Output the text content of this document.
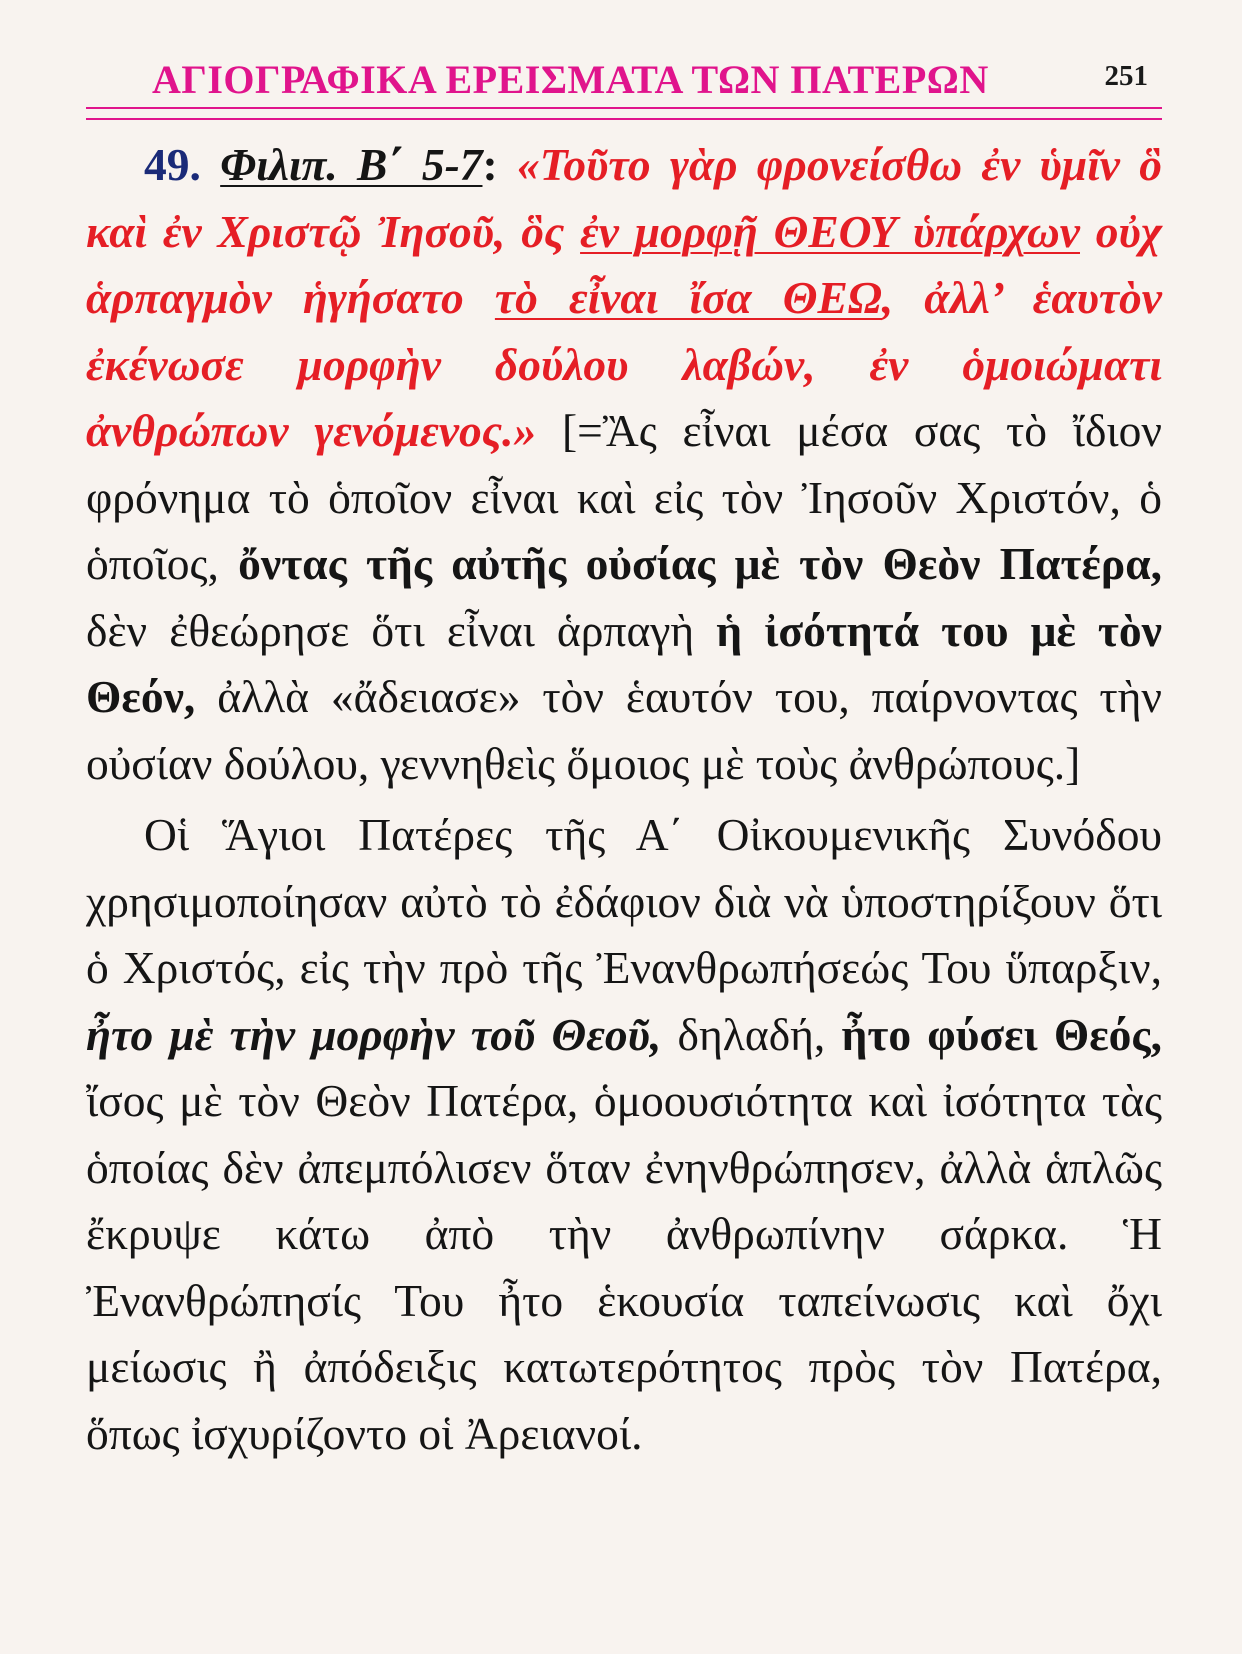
ΑΓΙΟΓΡΑΦΙΚΑ ΕΡΕΙΣΜΑΤΑ ΤΩΝ ΠΑΤΕΡΩΝ	251

49. Φιλιπ. Β΄ 5-7: «Τοῦτο γὰρ φρονείσθω ἐν ὑμῖν ὃ καὶ ἐν Χριστῷ Ἰησοῦ, ὃς ἐν μορφῇ ΘΕΟΥ ὑπάρχων οὐχ ἁρπαγμὸν ἡγήσατο τὸ εἶναι ἴσα ΘΕΩ, ἀλλ’ ἑαυτὸν ἐκένωσε μορφὴν δούλου λαβών, ἐν ὁμοιώματι ἀνθρώπων γενόμενος.» [=Ἂς εἶναι μέσα σας τὸ ἴδιον φρόνημα τὸ ὁποῖον εἶναι καὶ εἰς τὸν Ἰησοῦν Χριστόν, ὁ ὁποῖος, ὄντας τῆς αὐτῆς οὐσίας μὲ τὸν Θεὸν Πατέρα, δὲν ἐθεώρησε ὅτι εἶναι ἁρπαγὴ ἡ ἰσότητά του μὲ τὸν Θεόν, ἀλλὰ «ἄδειασε» τὸν ἑαυτόν του, παίρνοντας τὴν οὐσίαν δούλου, γεννηθεὶς ὅμοιος μὲ τοὺς ἀνθρώπους.]

Οἱ Ἅγιοι Πατέρες τῆς Α΄ Οἰκουμενικῆς Συνόδου χρησιμοποίησαν αὐτὸ τὸ ἐδάφιον διὰ νὰ ὑποστηρίξουν ὅτι ὁ Χριστός, εἰς τὴν πρὸ τῆς Ἐνανθρωπήσεώς Του ὕπαρξιν, ἦτο μὲ τὴν μορφὴν τοῦ Θεοῦ, δηλαδή, ἦτο φύσει Θεός, ἴσος μὲ τὸν Θεὸν Πατέρα, ὁμοουσιότητα καὶ ἰσότητα τὰς ὁποίας δὲν ἀπεμπόλισεν ὅταν ἐνηνθρώπησεν, ἀλλὰ ἁπλῶς ἔκρυψε κάτω ἀπὸ τὴν ἀνθρωπίνην σάρκα. Ἡ Ἐνανθρώπησίς Του ἦτο ἑκουσία ταπείνωσις καὶ ὄχι μείωσις ἢ ἀπόδειξις κατωτερότητος πρὸς τὸν Πατέρα, ὅπως ἰσχυρίζοντο οἱ Ἀρειανοί.
